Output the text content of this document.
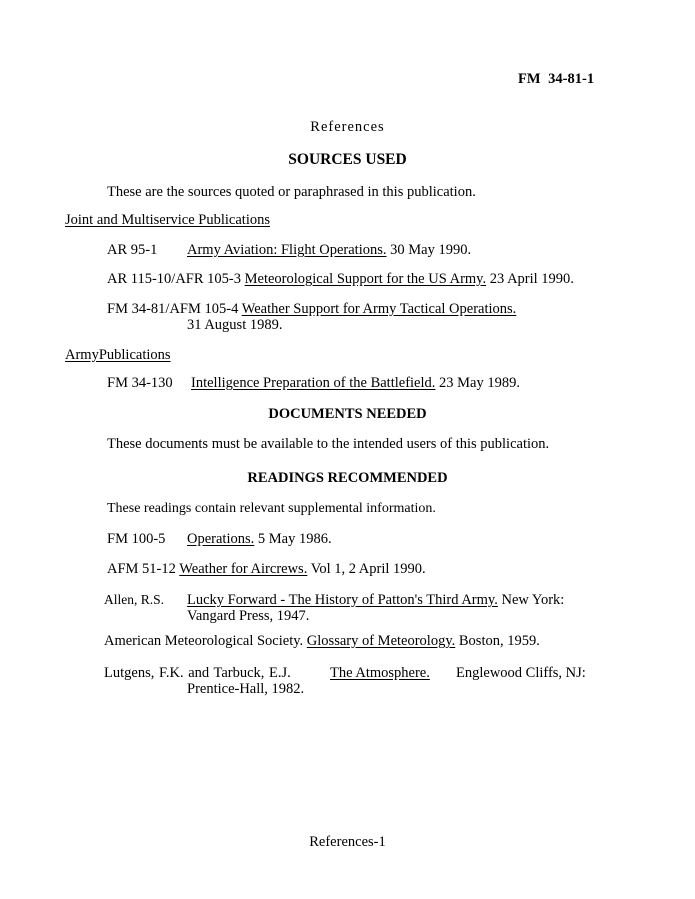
FM 34-81-1
References
SOURCES USED
These are the sources quoted or paraphrased in this publication.
Joint and Multiservice Publications
AR 95-1 Army Aviation: Flight Operations. 30 May 1990.
AR 115-10/AFR 105-3 Meteorological Support for the US Army. 23 April 1990.
FM 34-81/AFM 105-4 Weather Support for Army Tactical Operations.
31 August 1989.
ArmyPublications
FM 34-130 Intelligence Preparation of the Battlefield. 23 May 1989.
DOCUMENTS NEEDED
These documents must be available to the intended users of this publication.
READINGS RECOMMENDED
These readings contain relevant supplemental information.
FM 100-5 Operations. 5 May 1986.
AFM 51-12 Weather for Aircrews. Vol 1, 2 April 1990.
Allen, R.S. Lucky Forward - The History of Patton's Third Army. New York:
Vangard Press, 1947.
American Meteorological Society. Glossary of Meteorology. Boston, 1959.
Lutgens, F.K. and Tarbuck, E.J.	The Atmosphere. Englewood Cliffs, NJ:
Prentice-Hall, 1982.
References-1
